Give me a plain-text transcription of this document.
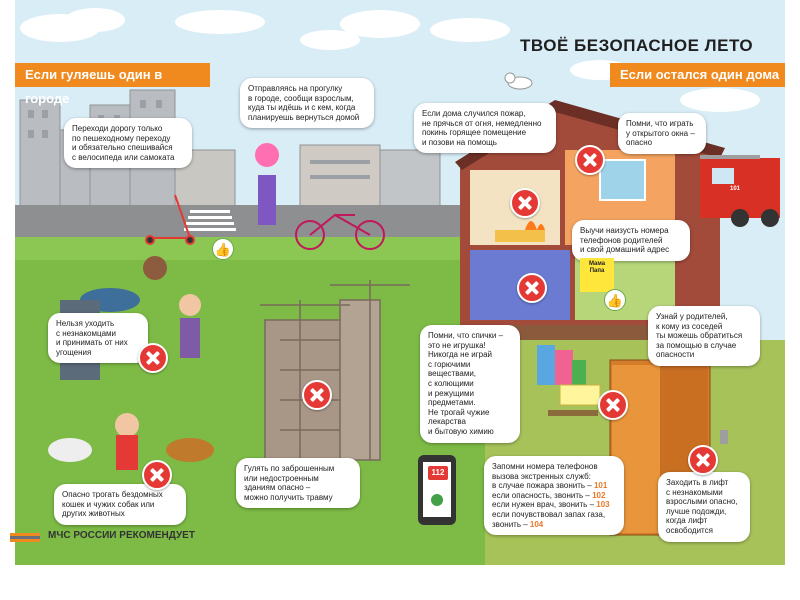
Если гуляешь один в городе
Если остался один дома
ТВОЁ БЕЗОПАСНОЕ ЛЕТО
Переходи дорогу только
по пешеходному переходу
и обязательно спешивайся
с велосипеда или самоката
Отправляясь на прогулку
в городе, сообщи взрослым,
куда ты идёшь и с кем, когда
планируешь вернуться домой	Если дома случился пожар,
не прячься от огня, немедленно
покинь горящее помещение
и позови на помощь
Помни, что играть
у открытого окна –
опасно
Выучи наизусть номера
телефонов родителей
и свой домашний адрес
Узнай у родителей,
к кому из соседей
ты можешь обратиться
за помощью в случае
опасности
Помни, что спички –
это не игрушка!
Никогда не играй
с горючими
веществами,
с колющими
и режущими
предметами.
Не трогай чужие
лекарства
и бытовую химию
Нельзя уходить
с незнакомцами
и принимать от них
угощения
Гулять по заброшенным
или недостроенным
зданиям опасно –
можно получить травму
Опасно трогать бездомных
кошек и чужих собак или
других животных
Запомни номера телефонов
вызова экстренных служб:
в случае пожара звонить – 101
если опасность, звонить – 102
если нужен врач, звонить – 103
если почувствовал запах газа,
звонить – 104
Заходить в лифт
с незнакомыми
взрослыми опасно,
лучше подожди,
когда лифт
освободится
112
Мама
Папа
101
👍
👍
МЧС РОССИИ РЕКОМЕНДУЕТ
